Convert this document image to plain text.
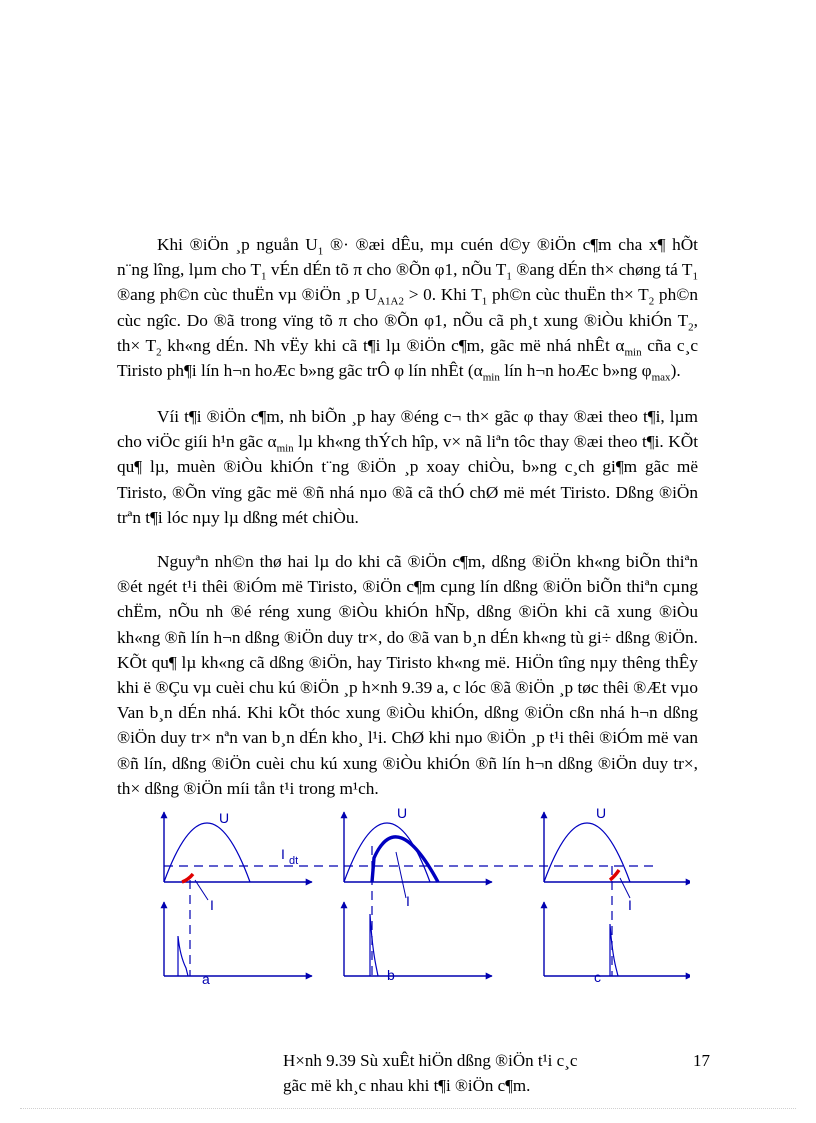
Khi ®iÖn ¸p nguån $U_1$ ®· ®æi dÊu, mµ cuén d©y ®iÖn c¶m cha x¶ hÕt n¨ng lîng, lµm cho $T_1$ vÉn dÉn tõ π cho ®Õn φ1, nÕu $T_1$ ®ang dÉn th× chøng tá $T_1$ ®ang ph©n cùc thuËn vµ ®iÖn ¸p $U_{A1A2} > 0$. Khi $T_1$ ph©n cùc thuËn $th\times T_2$ ph©n cùc ngîc. Do ®ã trong vïng tõ π cho ®Õn φ1, nÕu cã ph¸t xung ®iÒu khiÓn $T_2$, $th\times T_2$ kh«ng dÉn. Nh vËy khi cã t¶i lµ ®iÖn c¶m, gãc më nhá nhÊt $\alpha_{min}$ cña c¸c Tiristo ph¶i lín h¬n hoÆc b»ng gãc trÔ φ lín nhÊt ($\alpha_{min}$ lín h¬n hoÆc b»ng $\varphi_{max}$).

Víi t¶i ®iÖn c¶m, nh biÕn ¸p hay ®éng c¬ th× gãc φ thay ®æi theo t¶i, lµm cho viÖc giíi h¹n gãc $\alpha_{min}$ lµ kh«ng thÝch hîp, v× nã liªn tôc thay ®æi theo t¶i. KÕt qu¶ lµ, muèn ®iÒu khiÓn t¨ng ®iÖn ¸p xoay chiÒu, b»ng c¸ch gi¶m gãc më Tiristo, ®Õn vïng gãc më ®ñ nhá nµo ®ã cã thÓ chØ më mét Tiristo. Dßng ®iÖn trªn t¶i lóc nµy lµ dßng mét chiÒu.

Nguyªn nh©n thø hai lµ do khi cã ®iÖn c¶m, dßng ®iÖn kh«ng biÕn thiªn ®ét ngét t¹i thêi ®iÓm më Tiristo, ®iÖn c¶m cµng lín dßng ®iÖn biÕn thiªn cµng chËm, nÕu nh ®é réng xung ®iÒu khiÓn hÑp, dßng ®iÖn khi cã xung ®iÒu kh«ng ®ñ lín h¬n dßng ®iÖn duy tr×, do ®ã van b¸n dÉn kh«ng tù gi÷ dßng ®iÖn. KÕt qu¶ lµ kh«ng cã dßng ®iÖn, hay Tiristo kh«ng më. HiÖn tîng nµy thêng thÊy khi ë ®Çu vµ cuèi chu kú ®iÖn ¸p h×nh 9.39 a, c lóc ®ã ®iÖn ¸p tøc thêi ®Æt vµo Van b¸n dÉn nhá. Khi kÕt thóc xung ®iÒu khiÓn, dßng ®iÖn cßn nhá h¬n dßng ®iÖn duy tr× nªn van b¸n dÉn kho¸ l¹i. ChØ khi nµo ®iÖn ¸p t¹i thêi ®iÓm më van ®ñ lín, dßng ®iÖn cuèi chu kú xung ®iÒu khiÓn ®ñ lín h¬n dßng ®iÖn duy tr×, th× dßng ®iÖn míi tån t¹i trong m¹ch.

U
I
a
I dt
U
I
b
U
I
c

H×nh 9.39 Sù xuÊt hiÖn dßng ®iÖn t¹i c¸c
gãc më kh¸c nhau khi t¶i ®iÖn c¶m.

17
